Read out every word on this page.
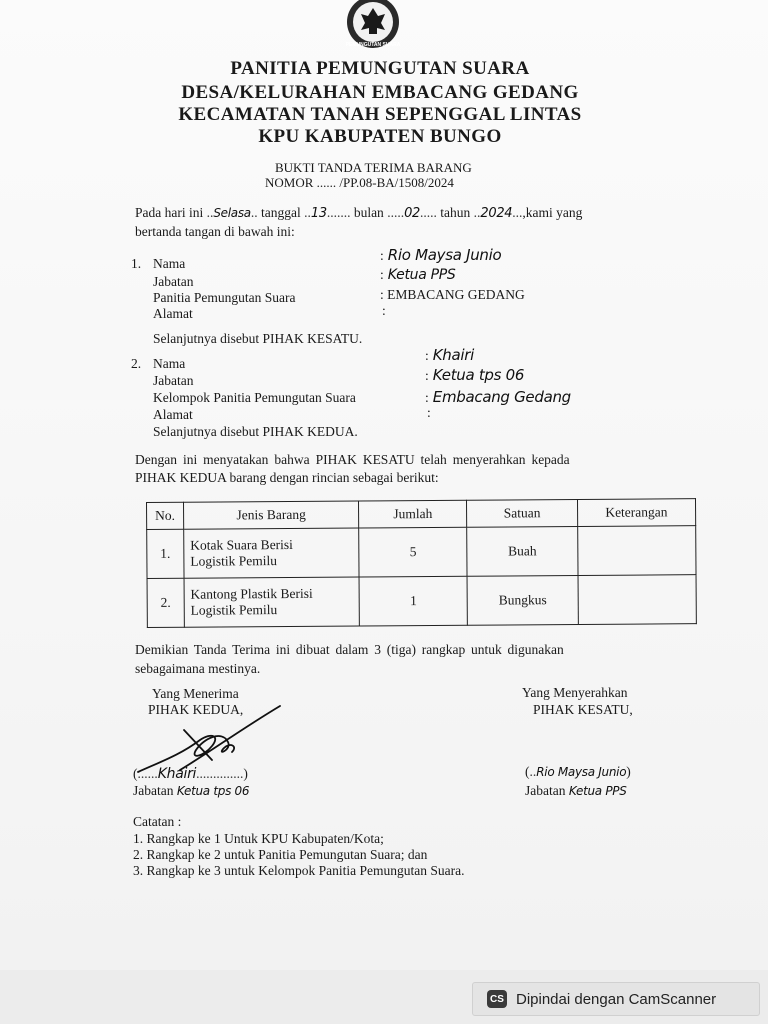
PEMUNGUTAN SUARA
PANITIA PEMUNGUTAN SUARA
DESA/KELURAHAN EMBACANG GEDANG
KECAMATAN TANAH SEPENGGAL LINTAS
KPU KABUPATEN BUNGO
BUKTI TANDA TERIMA BARANG
NOMOR ...... /PP.08-BA/1508/2024
Pada hari ini ..Selasa.. tanggal ..13....... bulan .....02..... tahun ..2024...,kami yang
bertanda tangan di bawah ini:
1. Nama
: Rio Maysa Junio
Jabatan	: Ketua PPS
Panitia Pemungutan Suara	: EMBACANG GEDANG
Alamat	:
Selanjutnya disebut PIHAK KESATU.
2. Nama
: Khairi
Jabatan	: Ketua tps 06
Kelompok Panitia Pemungutan Suara	: Embacang Gedang
Alamat	:
Selanjutnya disebut PIHAK KEDUA.
Dengan ini menyatakan bahwa PIHAK KESATU telah menyerahkan kepada
PIHAK KEDUA barang dengan rincian sebagai berikut:
No.	Jenis Barang	Jumlah	Satuan	Keterangan
1.	Kotak Suara Berisi
Logistik Pemilu	5	Buah	
2.	Kantong Plastik Berisi
Logistik Pemilu	1	Bungkus	
Demikian Tanda Terima ini dibuat dalam 3 (tiga) rangkap untuk digunakan
sebagaimana mestinya.
Yang Menerima
PIHAK KEDUA,
(......Khairi..............)
Jabatan Ketua tps 06
Yang Menyerahkan
PIHAK KESATU,
(..Rio Maysa Junio)
Jabatan Ketua PPS
Catatan :
1. Rangkap ke 1 Untuk KPU Kabupaten/Kota;
2. Rangkap ke 2 untuk Panitia Pemungutan Suara; dan
3. Rangkap ke 3 untuk Kelompok Panitia Pemungutan Suara.
CS Dipindai dengan CamScanner
